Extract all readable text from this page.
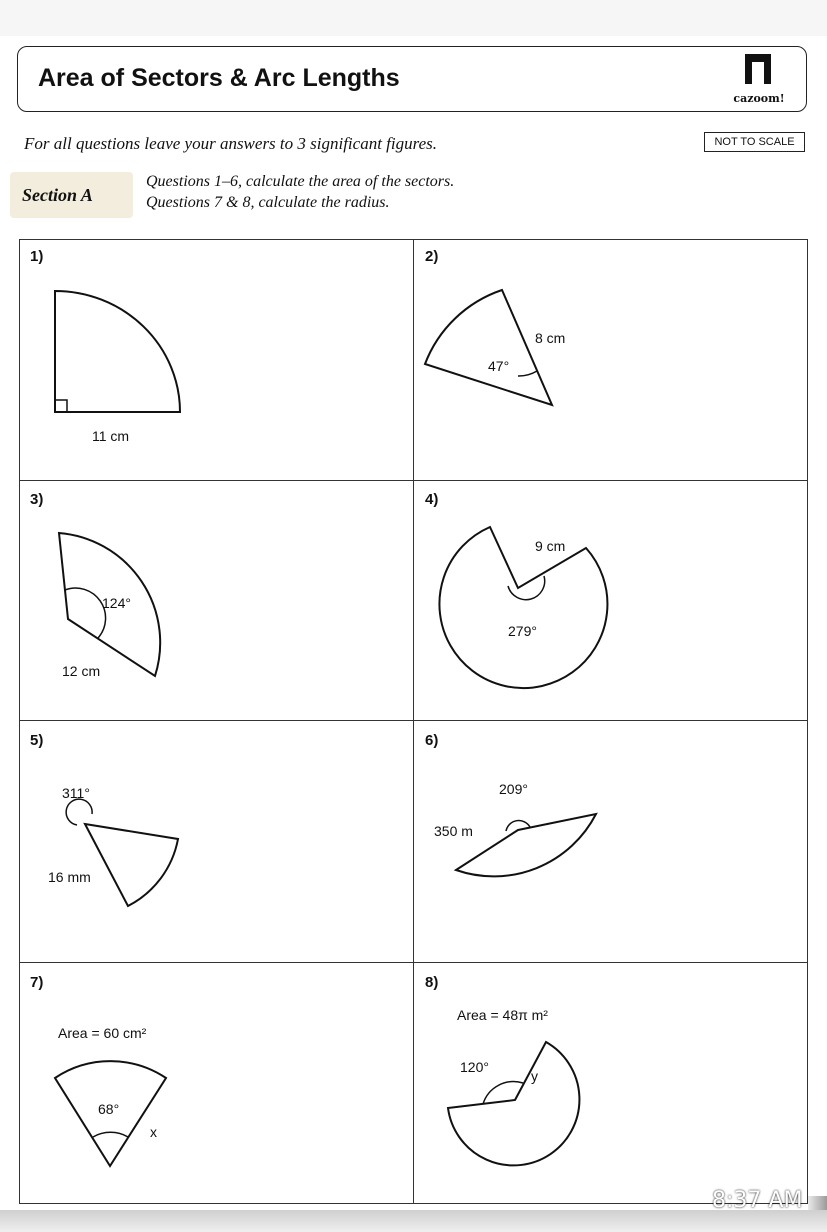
Area of Sectors & Arc Lengths
cazoom!
For all questions leave your answers to 3 significant figures.	NOT TO SCALE
Section A
Questions 1–6, calculate the area of the sectors.
Questions 7 & 8, calculate the radius.
1)	2)
3)	4)
5)	6)
7)	8)
11 cm
8 cm
47°
124°
12 cm
9 cm
279°
311°
16 mm
209°
350 m
Area = 60 cm²
68°
x
Area = 48π m²
120°
y
8:37 AM
